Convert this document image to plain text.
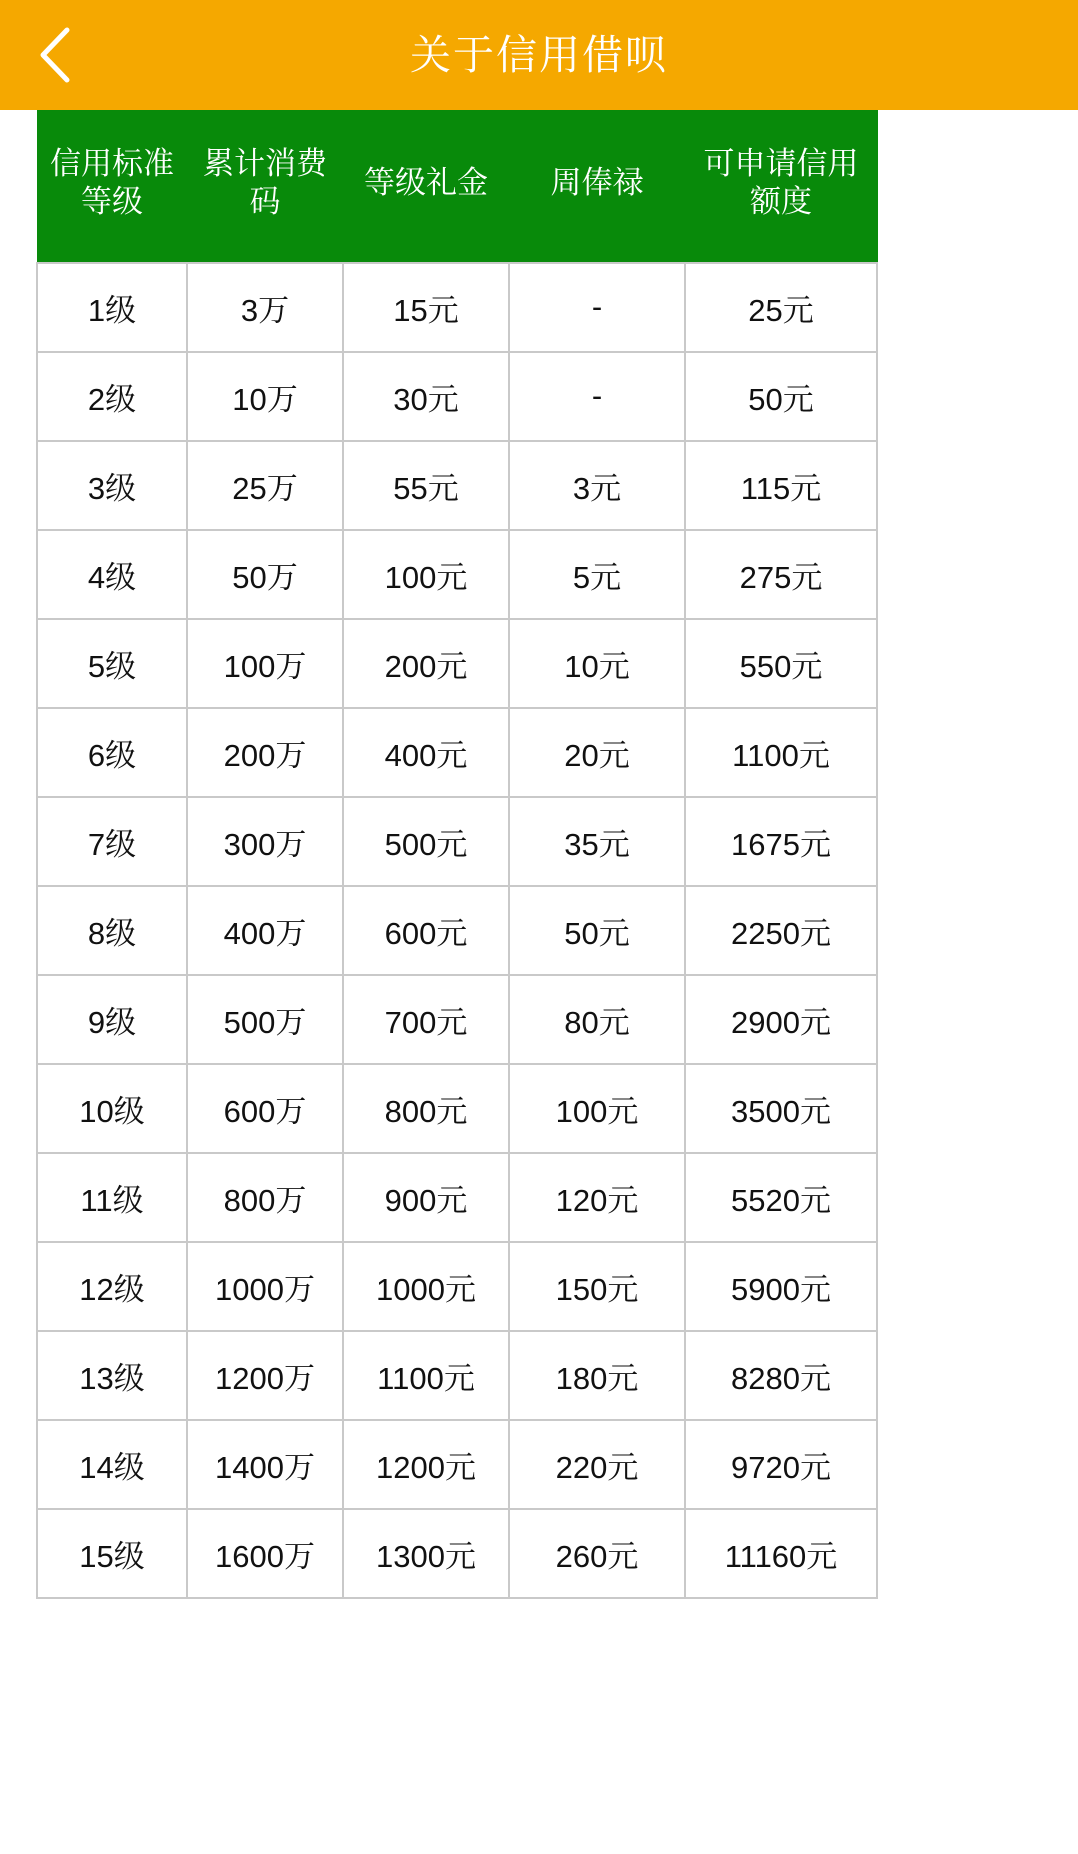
信用标准等级	累计消费码	等级礼金	周俸禄	可申请信用额度
1级	3万	15元	-	25元
2级	10万	30元	-	50元
3级	25万	55元	3元	115元
4级	50万	100元	5元	275元
5级	100万	200元	10元	550元
6级	200万	400元	20元	1100元
7级	300万	500元	35元	1675元
8级	400万	600元	50元	2250元
9级	500万	700元	80元	2900元
10级	600万	800元	100元	3500元
11级	800万	900元	120元	5520元
12级	1000万	1000元	150元	5900元
13级	1200万	1100元	180元	8280元
14级	1400万	1200元	220元	9720元
15级	1600万	1300元	260元	11160元
关于信用借呗
